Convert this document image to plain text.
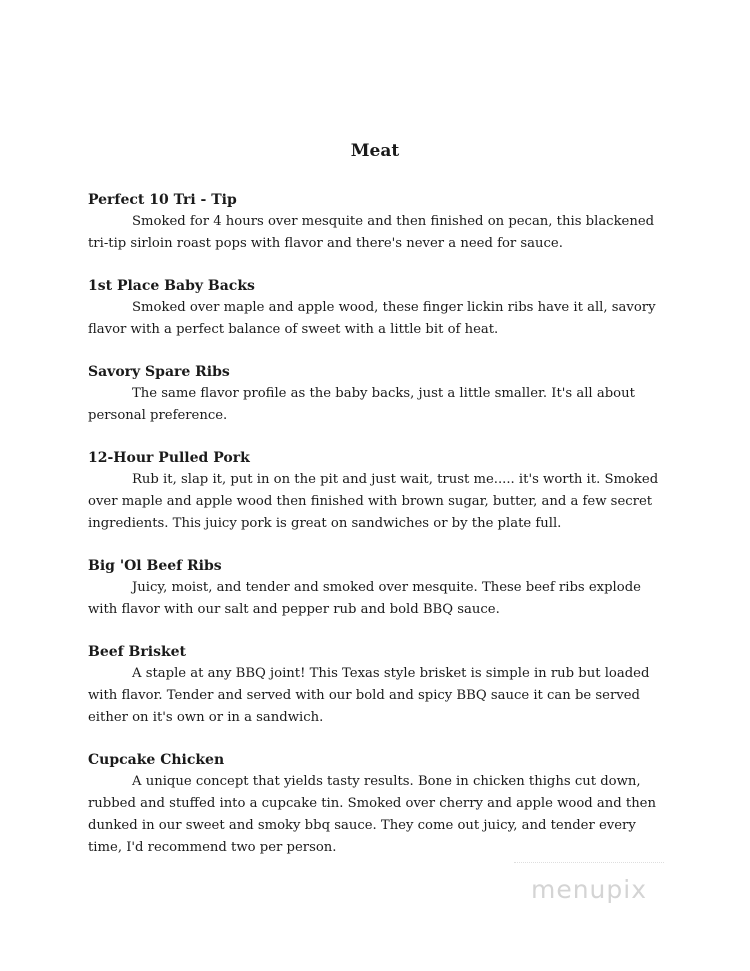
Meat
Perfect 10 Tri - Tip

Smoked for 4 hours over mesquite and then finished on pecan, this blackened tri-tip sirloin roast pops with flavor and there's never a need for sauce.

1st Place Baby Backs

Smoked over maple and apple wood, these finger lickin ribs have it all, savory flavor with a perfect balance of sweet with a little bit of heat.

Savory Spare Ribs

The same flavor profile as the baby backs, just a little smaller. It's all about personal preference.

12-Hour Pulled Pork

Rub it, slap it, put in on the pit and just wait, trust me..... it's worth it. Smoked over maple and apple wood then finished with brown sugar, butter, and a few secret ingredients. This juicy pork is great on sandwiches or by the plate full.

Big 'Ol Beef Ribs

Juicy, moist, and tender and smoked over mesquite. These beef ribs explode with flavor with our salt and pepper rub and bold BBQ sauce.

Beef Brisket

A staple at any BBQ joint! This Texas style brisket is simple in rub but loaded with flavor. Tender and served with our bold and spicy BBQ sauce it can be served either on it's own or in a sandwich.

Cupcake Chicken

A unique concept that yields tasty results. Bone in chicken thighs cut down, rubbed and stuffed into a cupcake tin. Smoked over cherry and apple wood and then dunked in our sweet and smoky bbq sauce. They come out juicy, and tender every time, I'd recommend two per person.

menupix
